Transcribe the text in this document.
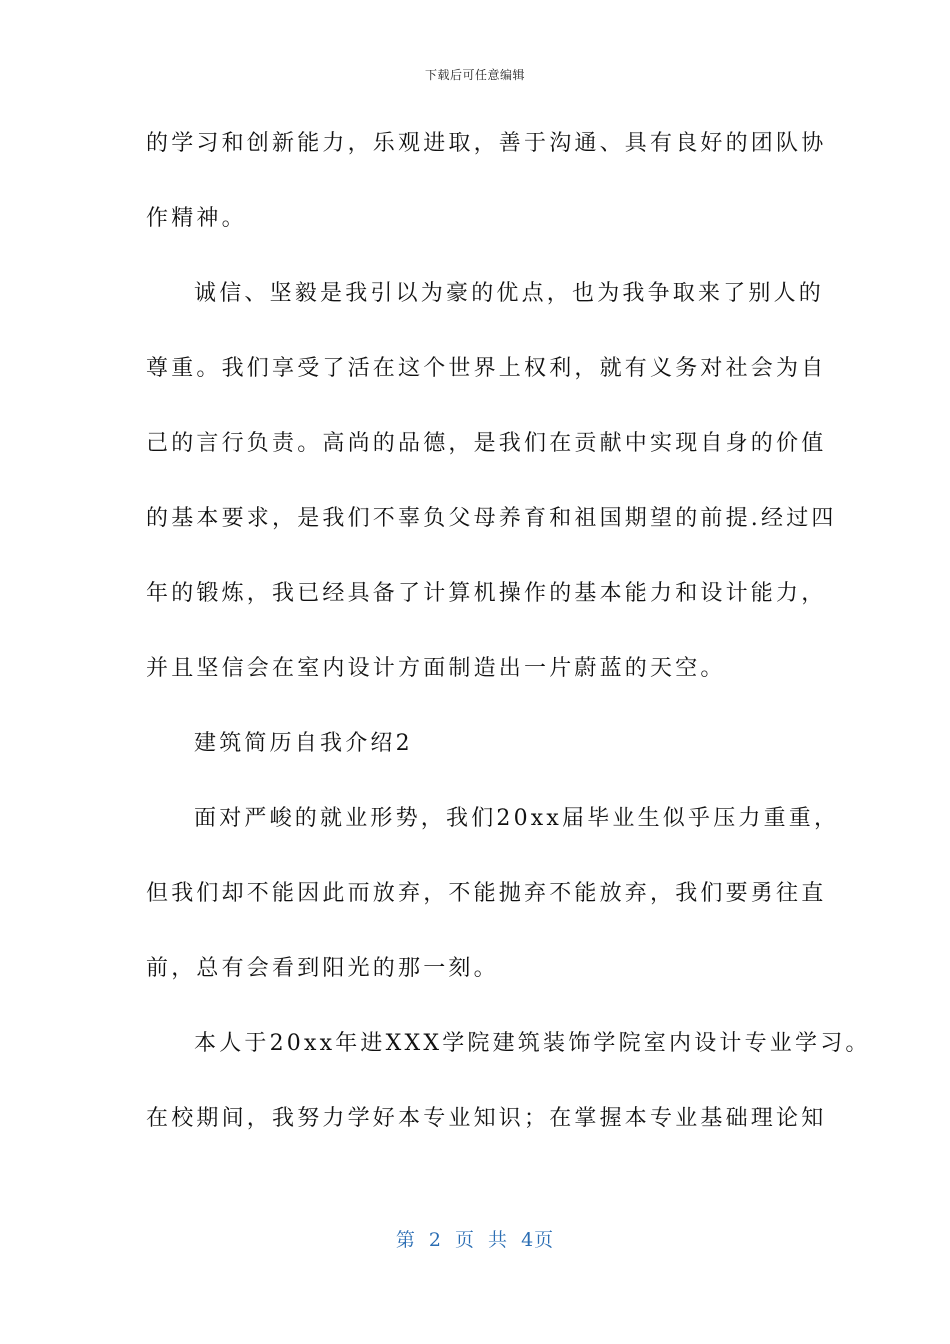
下载后可任意编辑
的学习和创新能力，乐观进取，善于沟通、具有良好的团队协
作精神。
诚信、坚毅是我引以为豪的优点，也为我争取来了别人的
尊重。我们享受了活在这个世界上权利，就有义务对社会为自
己的言行负责。高尚的品德，是我们在贡献中实现自身的价值
的基本要求，是我们不辜负父母养育和祖国期望的前提.经过四
年的锻炼，我已经具备了计算机操作的基本能力和设计能力，
并且坚信会在室内设计方面制造出一片蔚蓝的天空。
建筑简历自我介绍2
面对严峻的就业形势，我们20xx届毕业生似乎压力重重，
但我们却不能因此而放弃，不能抛弃不能放弃，我们要勇往直
前，总有会看到阳光的那一刻。
本人于20xx年进XXX学院建筑装饰学院室内设计专业学习。
在校期间，我努力学好本专业知识；在掌握本专业基础理论知
第 2 页 共 4页
